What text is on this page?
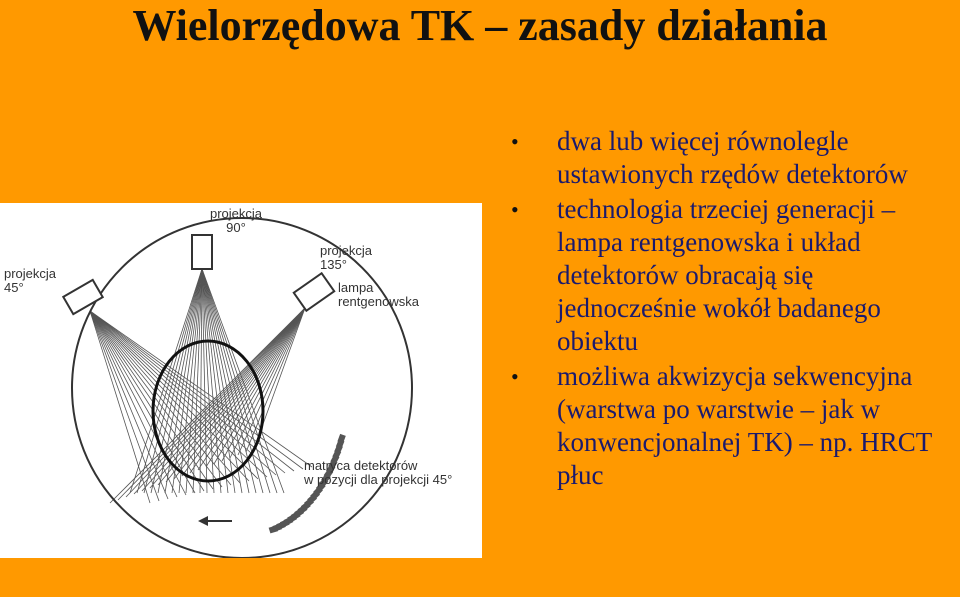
Wielorzędowa TK – zasady działania
projekcja
90°
projekcja
135°
projekcja
45°	lampa
rentgenowska
matryca detektorów
w pozycji dla projekcji 45°
• dwa lub więcej równolegle ustawionych rzędów detektorów
• technologia trzeciej generacji – lampa rentgenowska i układ detektorów obracają się jednocześnie wokół badanego obiektu
• możliwa akwizycja sekwencyjna (warstwa po warstwie – jak w konwencjonalnej TK) – np. HRCT płuc
